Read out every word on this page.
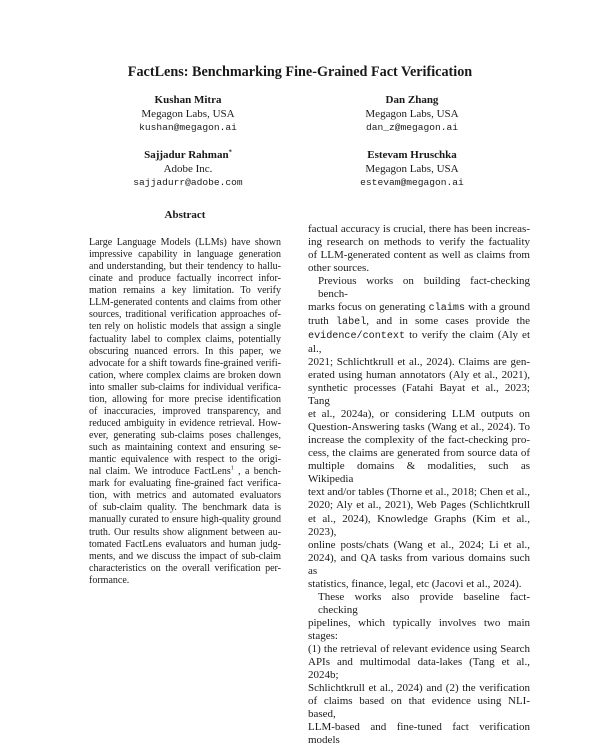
FactLens: Benchmarking Fine-Grained Fact Verification
Kushan Mitra
Megagon Labs, USA
kushan@megagon.ai
Dan Zhang
Megagon Labs, USA
dan_z@megagon.ai
Sajjadur Rahman*
Adobe Inc.
sajjadurr@adobe.com
Estevam Hruschka
Megagon Labs, USA
estevam@megagon.ai
Abstract
Large Language Models (LLMs) have shown
impressive capability in language generation
and understanding, but their tendency to hallu-
cinate and produce factually incorrect infor-
mation remains a key limitation. To verify
LLM-generated contents and claims from other
sources, traditional verification approaches of-
ten rely on holistic models that assign a single
factuality label to complex claims, potentially
obscuring nuanced errors. In this paper, we
advocate for a shift towards fine-grained verifi-
cation, where complex claims are broken down
into smaller sub-claims for individual verifica-
tion, allowing for more precise identification
of inaccuracies, improved transparency, and
reduced ambiguity in evidence retrieval. How-
ever, generating sub-claims poses challenges,
such as maintaining context and ensuring se-
mantic equivalence with respect to the origi-
nal claim. We introduce FactLens$^1$ , a bench-
mark for evaluating fine-grained fact verifica-
tion, with metrics and automated evaluators
of sub-claim quality. The benchmark data is
manually curated to ensure high-quality ground
truth. Our results show alignment between au-
tomated FactLens evaluators and human judg-
ments, and we discuss the impact of sub-claim
characteristics on the overall verification per-
formance.
factual accuracy is crucial, there has been increas-
ing research on methods to verify the factuality
of LLM-generated content as well as claims from
other sources.
Previous works on building fact-checking bench-
marks focus on generating claims with a ground
truth label, and in some cases provide the
evidence/context to verify the claim (Aly et al.,
2021; Schlichtkrull et al., 2024). Claims are gen-
erated using human annotators (Aly et al., 2021),
synthetic processes (Fatahi Bayat et al., 2023; Tang
et al., 2024a), or considering LLM outputs on
Question-Answering tasks (Wang et al., 2024). To
increase the complexity of the fact-checking pro-
cess, the claims are generated from source data of
multiple domains & modalities, such as Wikipedia
text and/or tables (Thorne et al., 2018; Chen et al.,
2020; Aly et al., 2021), Web Pages (Schlichtkrull
et al., 2024), Knowledge Graphs (Kim et al., 2023),
online posts/chats (Wang et al., 2024; Li et al.,
2024), and QA tasks from various domains such as
statistics, finance, legal, etc (Jacovi et al., 2024).
These works also provide baseline fact-checking
pipelines, which typically involves two main stages:
(1) the retrieval of relevant evidence using Search
APIs and multimodal data-lakes (Tang et al., 2024b;
Schlichtkrull et al., 2024) and (2) the verification
of claims based on that evidence using NLI-based,
LLM-based and fine-tuned fact verification models
